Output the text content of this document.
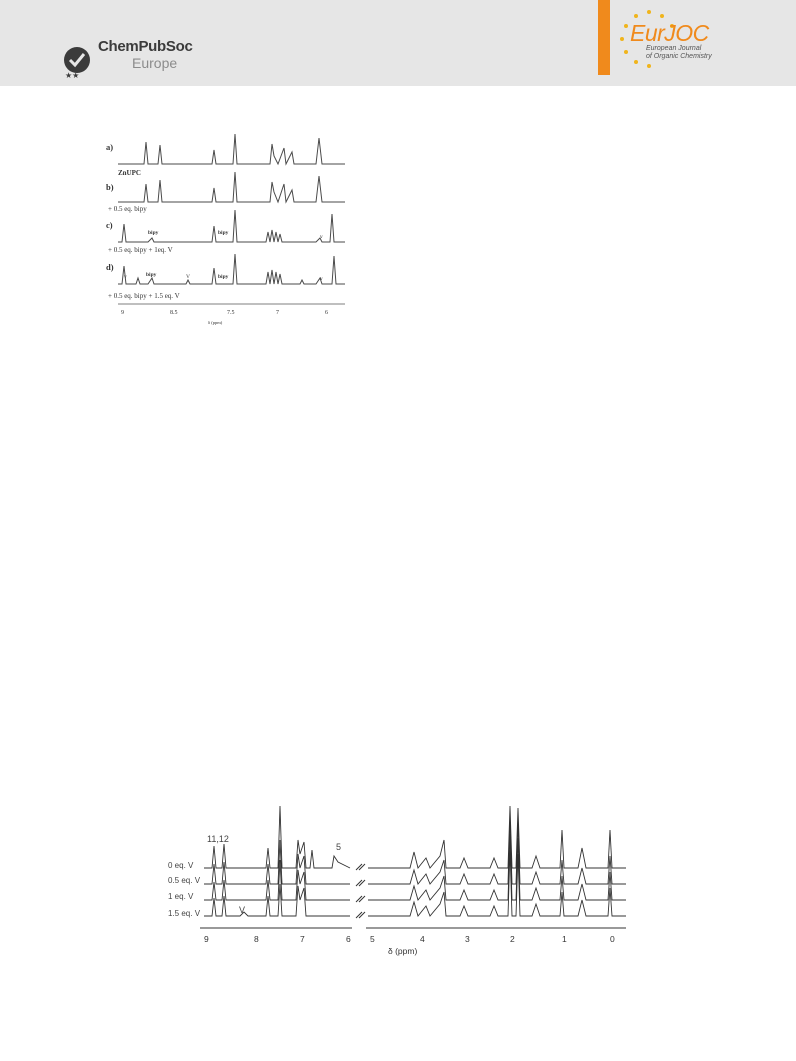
★★
ChemPubSoc
Europe
EurJOC
European Journal
of Organic Chemistry
a)
ZnUPC
b)
+ 0.5 eq. bipy
c)
bipy	bipy
v
+ 0.5 eq. bipy + 1eq. V
d)
v	bipy	V	bipy	v
+ 0.5 eq. bipy + 1.5 eq. V
9	8.5	7.5	7	6
δ (ppm)
0 eq. V
0.5 eq. V
1 eq. V
1.5 eq. V
11,12
5
V
9	8	7	6 5	4	3	2	1	0
δ (ppm)
